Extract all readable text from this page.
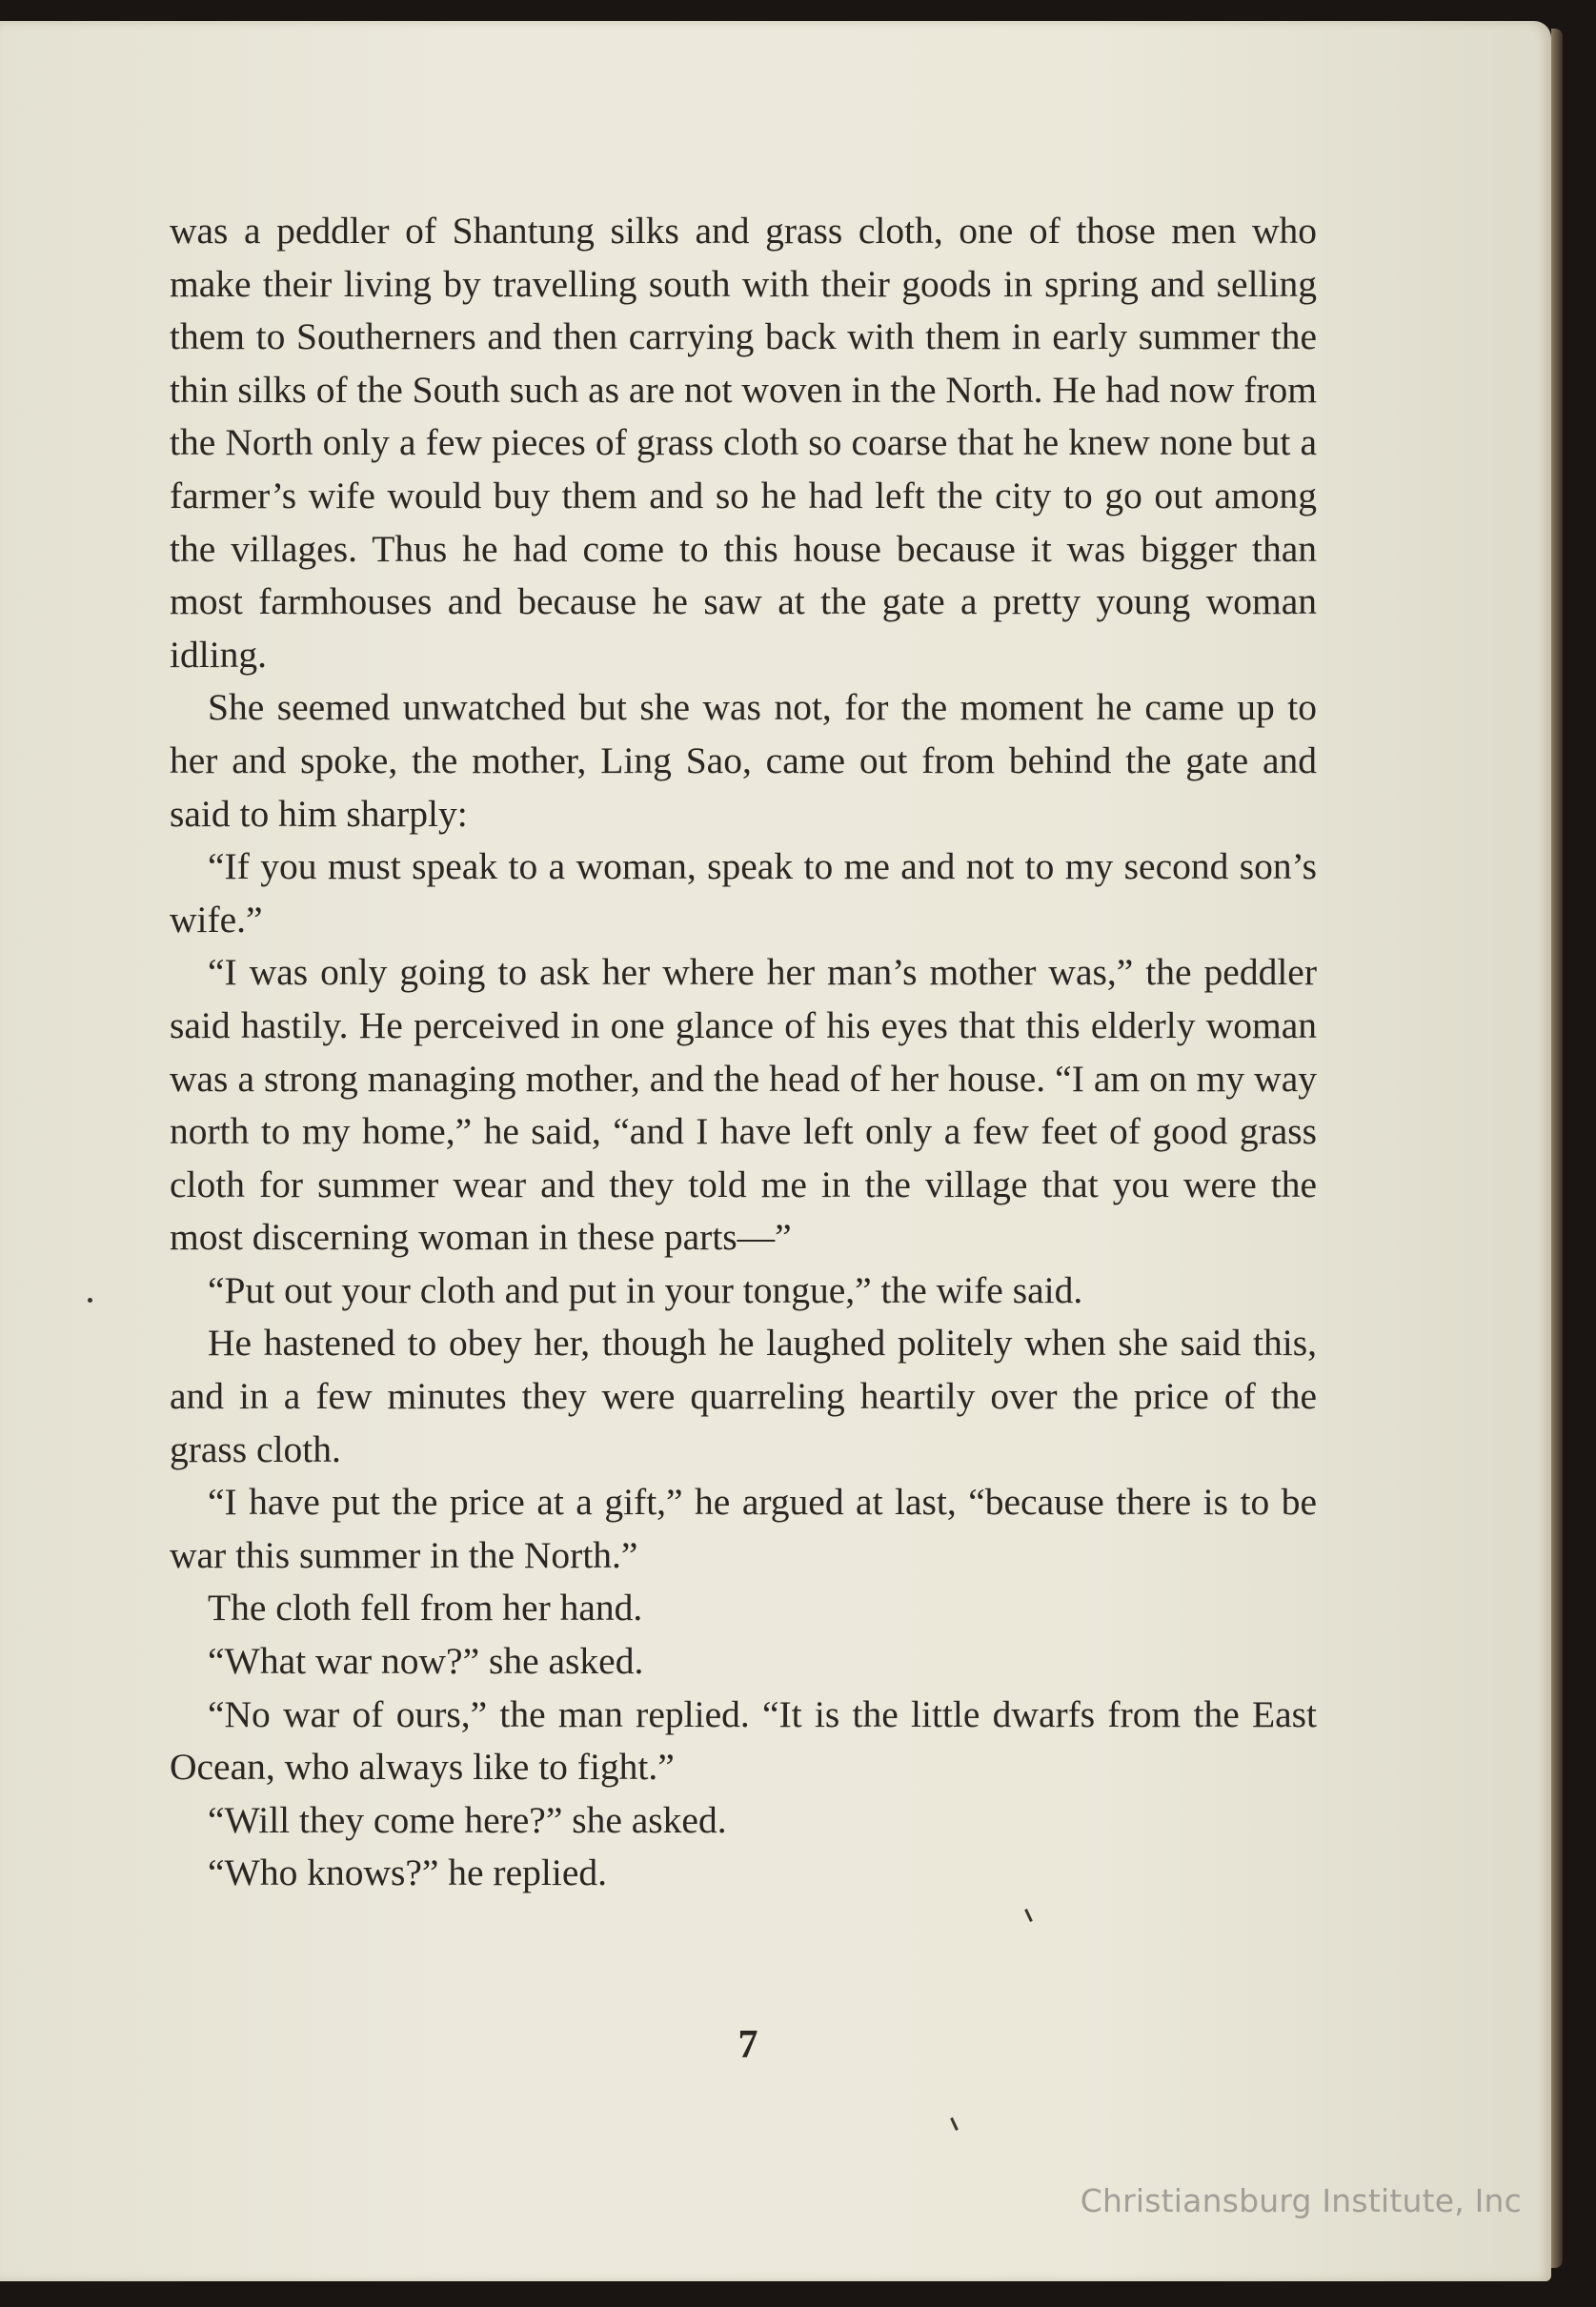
was a peddler of Shantung silks and grass cloth, one of those men who make their living by travelling south with their goods in spring and selling them to Southerners and then carrying back with them in early summer the thin silks of the South such as are not woven in the North. He had now from the North only a few pieces of grass cloth so coarse that he knew none but a farmer’s wife would buy them and so he had left the city to go out among the villages. Thus he had come to this house because it was bigger than most farmhouses and because he saw at the gate a pretty young woman idling.

She seemed unwatched but she was not, for the moment he came up to her and spoke, the mother, Ling Sao, came out from behind the gate and said to him sharply:

“If you must speak to a woman, speak to me and not to my second son’s wife.”

“I was only going to ask her where her man’s mother was,” the peddler said hastily. He perceived in one glance of his eyes that this elderly woman was a strong managing mother, and the head of her house. “I am on my way north to my home,” he said, “and I have left only a few feet of good grass cloth for summer wear and they told me in the village that you were the most discerning woman in these parts—”

“Put out your cloth and put in your tongue,” the wife said.

He hastened to obey her, though he laughed politely when she said this, and in a few minutes they were quarreling heartily over the price of the grass cloth.

“I have put the price at a gift,” he argued at last, “because there is to be war this summer in the North.”

The cloth fell from her hand.

“What war now?” she asked.

“No war of ours,” the man replied. “It is the little dwarfs from the East Ocean, who always like to fight.”

“Will they come here?” she asked.

“Who knows?” he replied.

7
Christiansburg Institute, Inc
